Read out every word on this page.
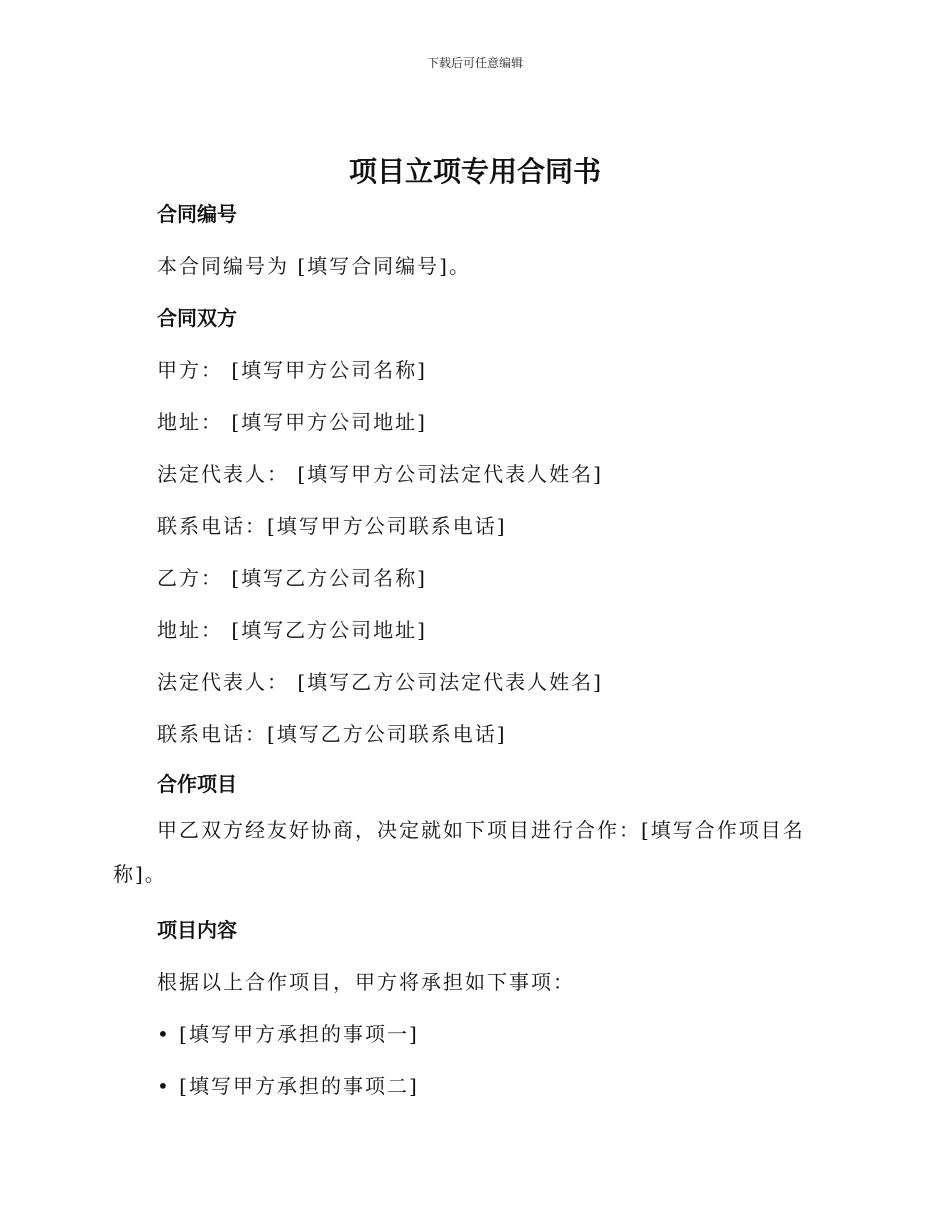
下载后可任意编辑
项目立项专用合同书

合同编号

本合同编号为 [填写合同编号]。

合同双方

甲方： [填写甲方公司名称]

地址： [填写甲方公司地址]

法定代表人： [填写甲方公司法定代表人姓名]

联系电话：[填写甲方公司联系电话]

乙方： [填写乙方公司名称]

地址： [填写乙方公司地址]

法定代表人： [填写乙方公司法定代表人姓名]

联系电话：[填写乙方公司联系电话]

合作项目

甲乙双方经友好协商，决定就如下项目进行合作：[填写合作项目名称]。

项目内容

根据以上合作项目，甲方将承担如下事项：

• [填写甲方承担的事项一]

• [填写甲方承担的事项二]
